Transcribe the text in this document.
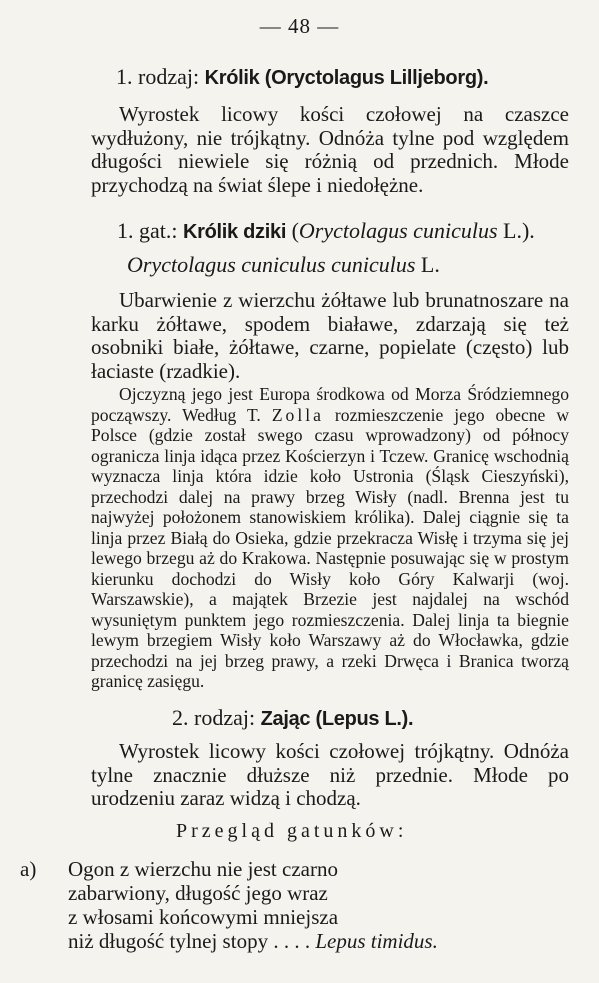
— 48 —
1. rodzaj: Królik (Oryctolagus Lilljeborg).
Wyrostek licowy kości czołowej na czaszce wydłużony, nie trójkątny. Odnóża tylne pod względem długości niewiele się różnią od przednich. Młode przychodzą na świat ślepe i niedołężne.
1. gat.: Królik dziki (Oryctolagus cuniculus L.).
Oryctolagus cuniculus cuniculus L.
Ubarwienie z wierzchu żółtawe lub brunatnoszare na karku żółtawe, spodem białawe, zdarzają się też osobniki białe, żółtawe, czarne, popielate (często) lub łaciaste (rzadkie).
Ojczyzną jego jest Europa środkowa od Morza Śródziemnego począwszy. Według T. Zolla rozmieszczenie jego obecne w Polsce (gdzie został swego czasu wprowadzony) od północy ogranicza linja idąca przez Kościerzyn i Tczew. Granicę wschodnią wyznacza linja która idzie koło Ustronia (Śląsk Cieszyński), przechodzi dalej na prawy brzeg Wisły (nadl. Brenna jest tu najwyżej położonem stanowiskiem królika). Dalej ciągnie się ta linja przez Białą do Osieka, gdzie przekracza Wisłę i trzyma się jej lewego brzegu aż do Krakowa. Następnie posuwając się w prostym kierunku dochodzi do Wisły koło Góry Kalwarji (woj. Warszawskie), a majątek Brzezie jest najdalej na wschód wysuniętym punktem jego rozmieszczenia. Dalej linja ta biegnie lewym brzegiem Wisły koło Warszawy aż do Włocławka, gdzie przechodzi na jej brzeg prawy, a rzeki Drwęca i Branica tworzą granicę zasięgu.
2. rodzaj: Zając (Lepus L.).
Wyrostek licowy kości czołowej trójkątny. Odnóża tylne znacznie dłuższe niż przednie. Młode po urodzeniu zaraz widzą i chodzą.
Przegląd gatunków:
a) Ogon z wierzchu nie jest czarno
zabarwiony, długość jego wraz
z włosami końcowymi mniejsza
niż długość tylnej stopy . . . . Lepus timidus.
